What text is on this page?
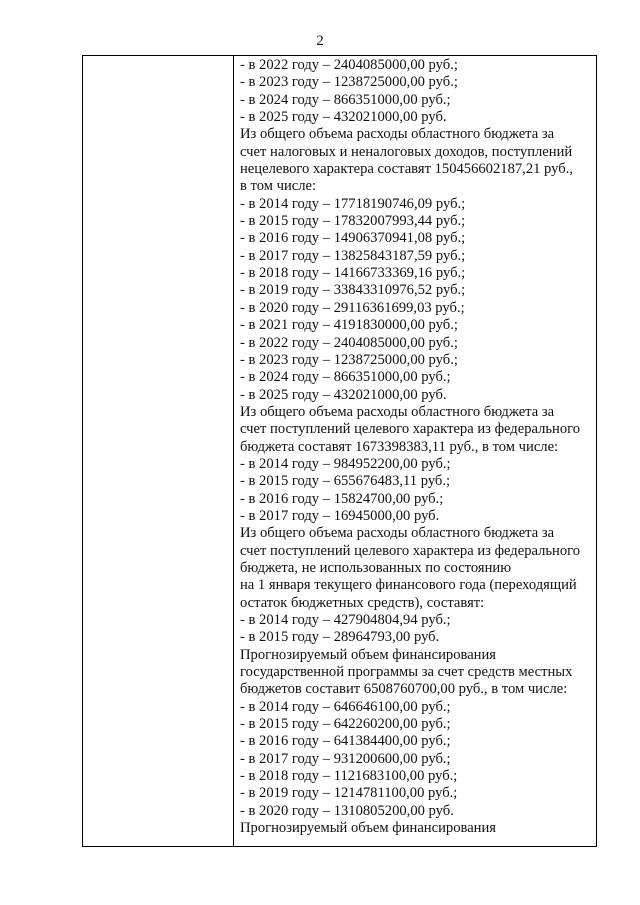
2
- в 2022 году – 2404085000,00 руб.;
- в 2023 году – 1238725000,00 руб.;
- в 2024 году – 866351000,00 руб.;
- в 2025 году – 432021000,00 руб.
Из общего объема расходы областного бюджета за
счет налоговых и неналоговых доходов, поступлений
нецелевого характера составят 150456602187,21 руб.,
в том числе:
- в 2014 году – 17718190746,09 руб.;
- в 2015 году – 17832007993,44 руб.;
- в 2016 году – 14906370941,08 руб.;
- в 2017 году – 13825843187,59 руб.;
- в 2018 году – 14166733369,16 руб.;
- в 2019 году – 33843310976,52 руб.;
- в 2020 году – 29116361699,03 руб.;
- в 2021 году – 4191830000,00 руб.;
- в 2022 году – 2404085000,00 руб.;
- в 2023 году – 1238725000,00 руб.;
- в 2024 году – 866351000,00 руб.;
- в 2025 году – 432021000,00 руб.
Из общего объема расходы областного бюджета за
счет поступлений целевого характера из федерального
бюджета составят 1673398383,11 руб., в том числе:
- в 2014 году – 984952200,00 руб.;
- в 2015 году – 655676483,11 руб.;
- в 2016 году – 15824700,00 руб.;
- в 2017 году – 16945000,00 руб.
Из общего объема расходы областного бюджета за
счет поступлений целевого характера из федерального
бюджета, не использованных по состоянию
на 1 января текущего финансового года (переходящий
остаток бюджетных средств), составят:
- в 2014 году – 427904804,94 руб.;
- в 2015 году – 28964793,00 руб.
Прогнозируемый объем финансирования
государственной программы за счет средств местных
бюджетов составит 6508760700,00 руб., в том числе:
- в 2014 году – 646646100,00 руб.;
- в 2015 году – 642260200,00 руб.;
- в 2016 году – 641384400,00 руб.;
- в 2017 году – 931200600,00 руб.;
- в 2018 году – 1121683100,00 руб.;
- в 2019 году – 1214781100,00 руб.;
- в 2020 году – 1310805200,00 руб.
Прогнозируемый объем финансирования
